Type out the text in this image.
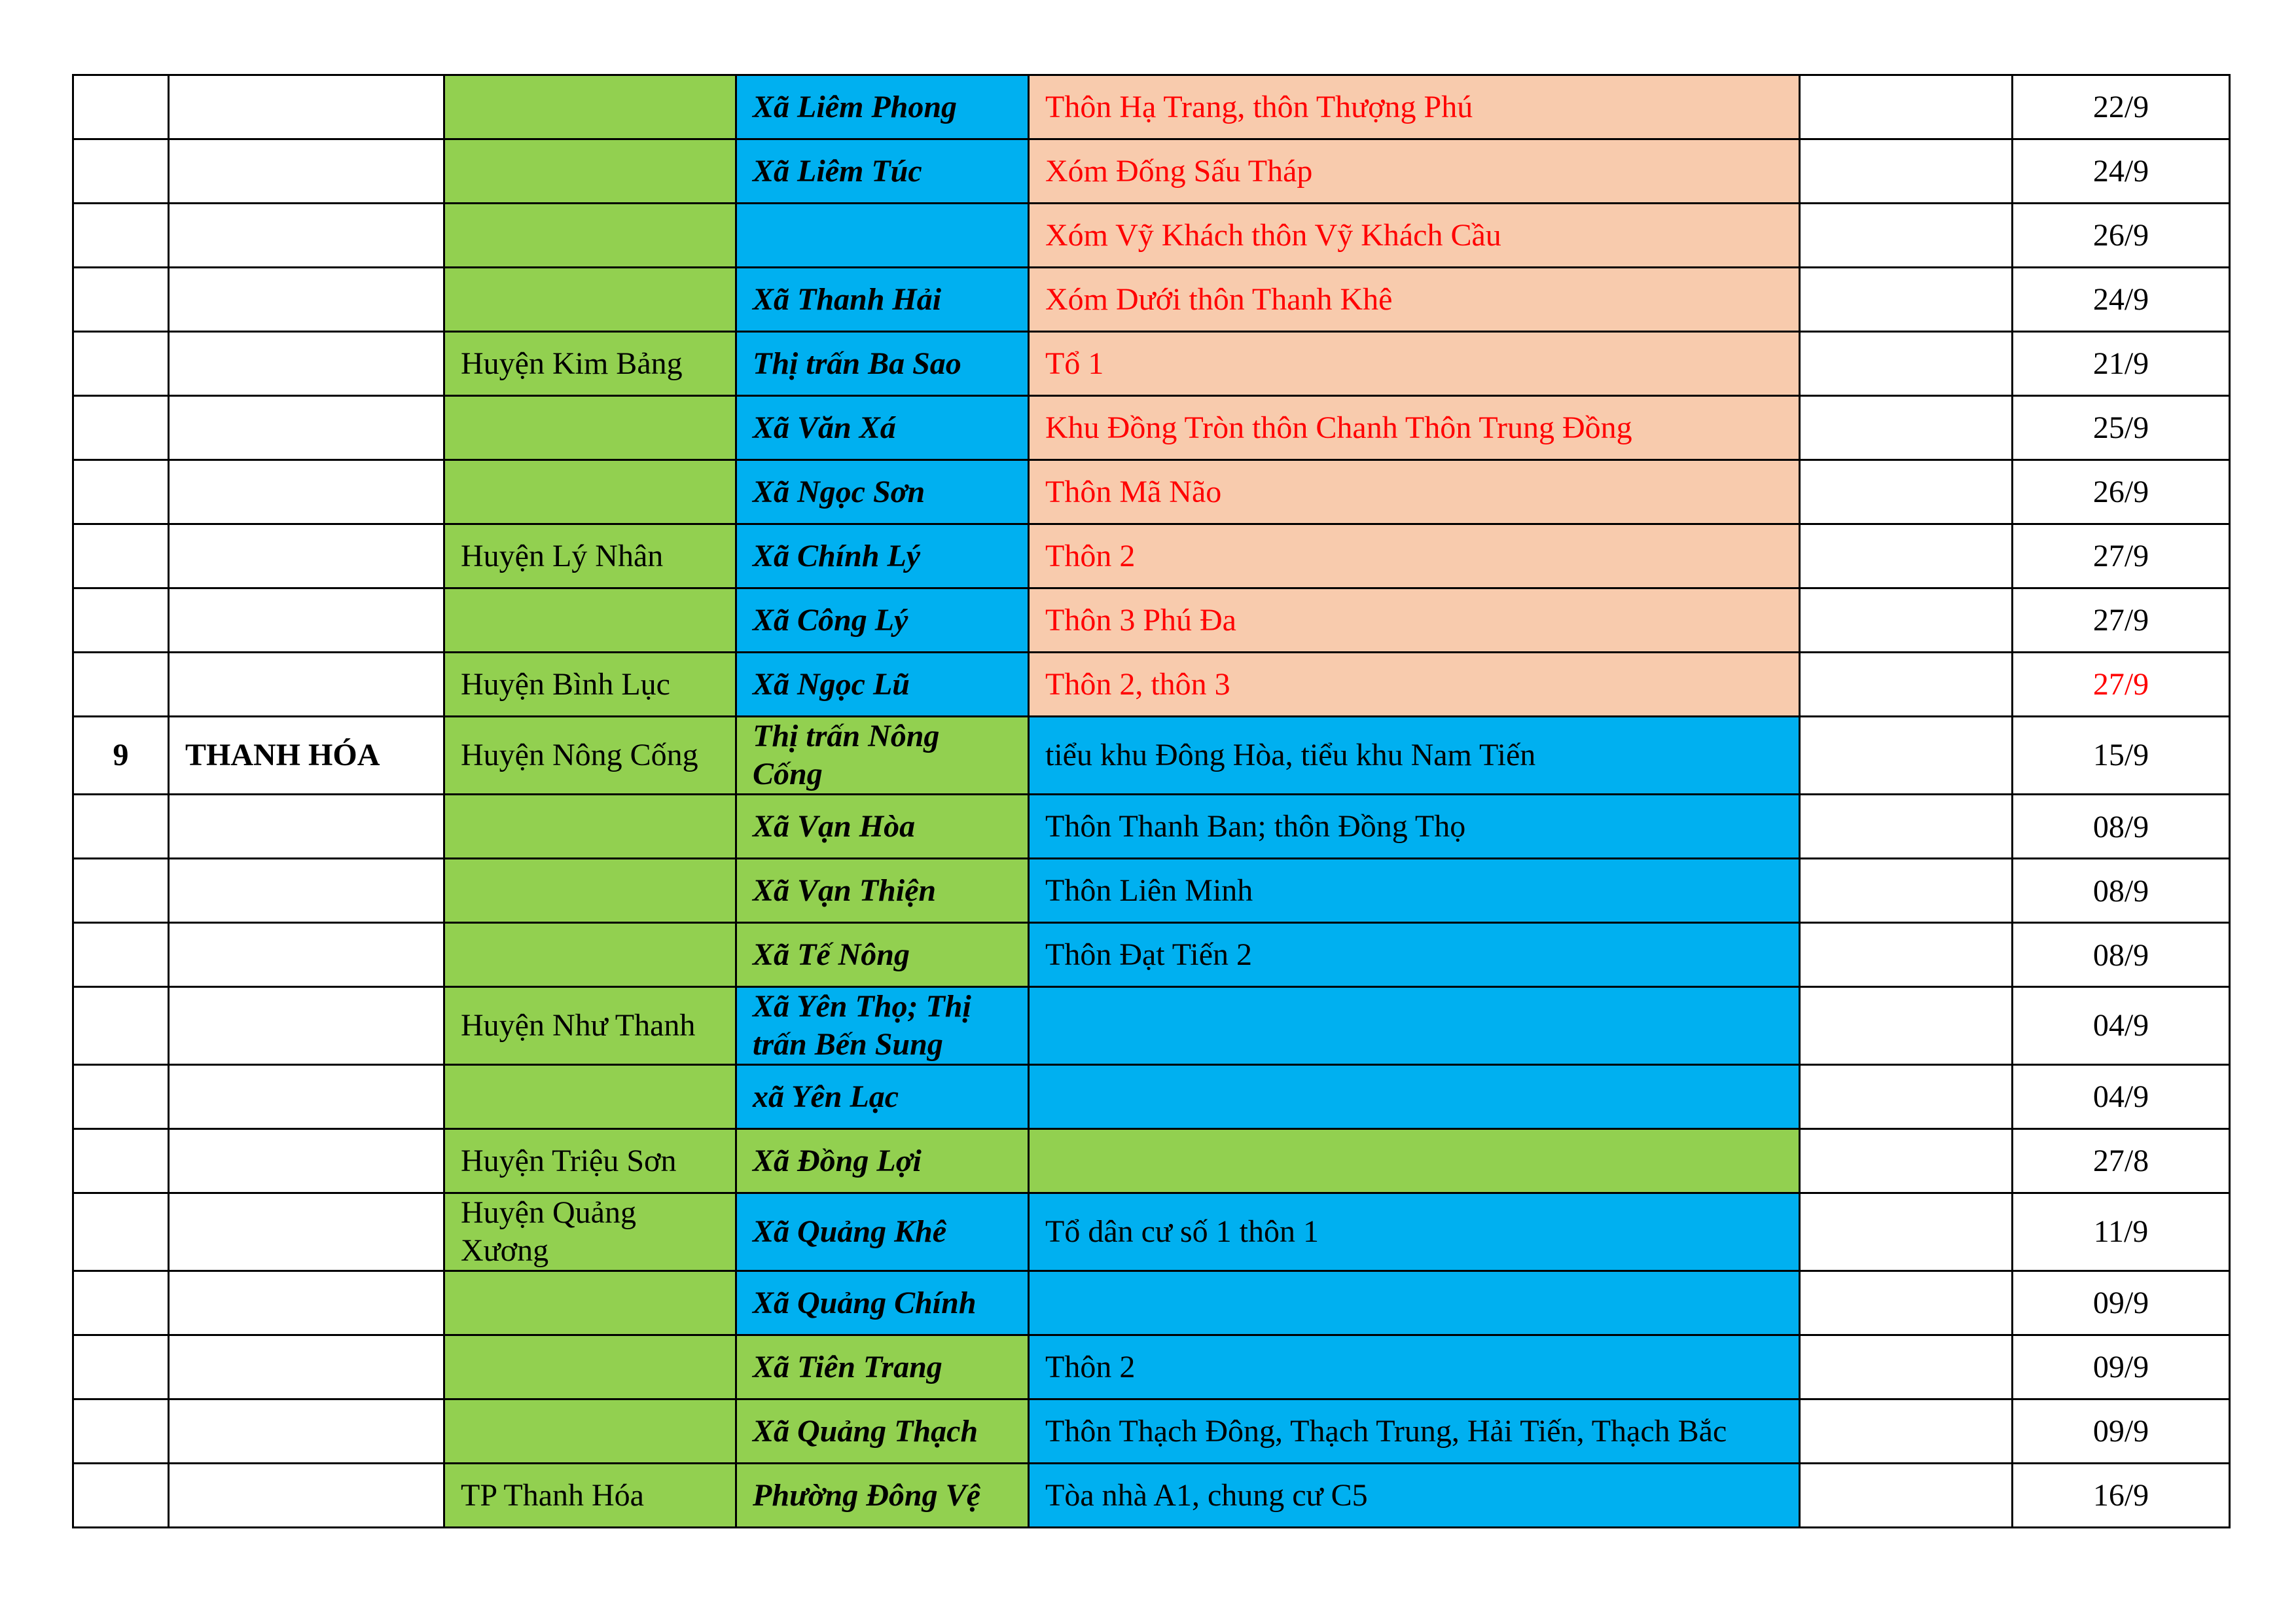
			Xã Liêm Phong	Thôn Hạ Trang, thôn Thượng Phú		22/9
			Xã Liêm Túc	Xóm Đống Sấu Tháp		24/9
				Xóm Vỹ Khách thôn Vỹ Khách Cầu		26/9
			Xã Thanh Hải	Xóm Dưới thôn Thanh Khê		24/9
		Huyện Kim Bảng	Thị trấn Ba Sao	Tổ 1		21/9
			Xã Văn Xá	Khu Đồng Tròn thôn Chanh Thôn Trung Đồng		25/9
			Xã Ngọc Sơn	Thôn Mã Não		26/9
		Huyện Lý Nhân	Xã Chính Lý	Thôn 2		27/9
			Xã Công Lý	Thôn 3 Phú Đa		27/9
		Huyện Bình Lục	Xã Ngọc Lũ	Thôn 2, thôn 3		27/9
9	THANH HÓA	Huyện Nông Cống	Thị trấn Nông Cống	tiểu khu Đông Hòa, tiểu khu Nam Tiến		15/9
			Xã Vạn Hòa	Thôn Thanh Ban; thôn Đồng Thọ		08/9
			Xã Vạn Thiện	Thôn Liên Minh		08/9
			Xã Tế Nông	Thôn Đạt Tiến 2		08/9
		Huyện Như Thanh	Xã Yên Thọ; Thị trấn Bến Sung			04/9
			xã Yên Lạc			04/9
		Huyện Triệu Sơn	Xã Đồng Lợi			27/8
		Huyện Quảng Xương	Xã Quảng Khê	Tổ dân cư số 1 thôn 1		11/9
			Xã Quảng Chính			09/9
			Xã Tiên Trang	Thôn 2		09/9
			Xã Quảng Thạch	Thôn Thạch Đông, Thạch Trung, Hải Tiến, Thạch Bắc		09/9
		TP Thanh Hóa	Phường Đông Vệ	Tòa nhà A1, chung cư C5		16/9
